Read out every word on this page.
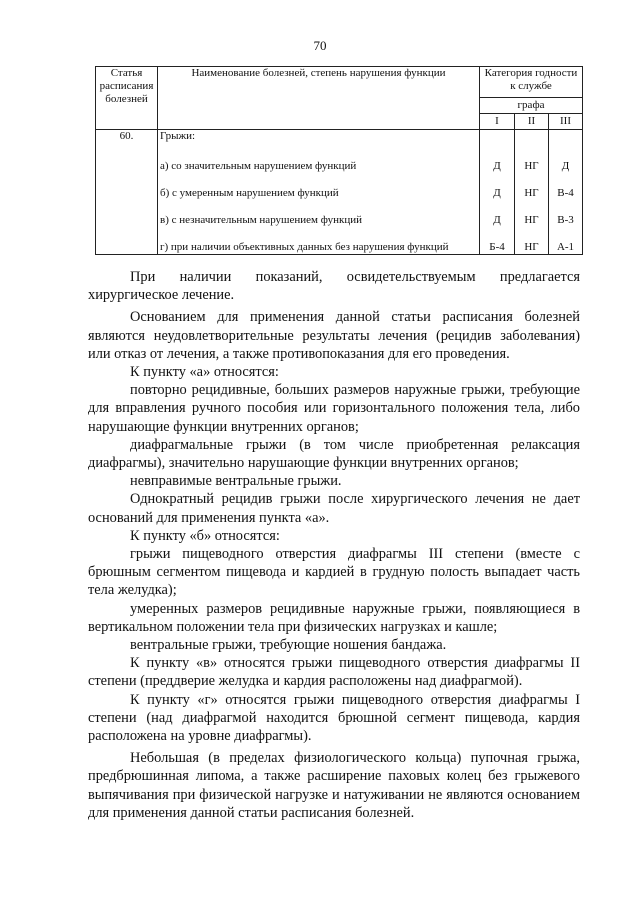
70
Статья расписания болезней	Наименование болезней, степень нарушения функции	Категория годности к службе		
		графа		
		I	II	III
60.	Грыжи:			
	а) со значительным нарушением функций	Д	НГ	Д
	б) с умеренным нарушением функций	Д	НГ	В-4
	в) с незначительным нарушением функций	Д	НГ	В-3
	г) при наличии объективных данных без нарушения функций	Б-4	НГ	А-1

При наличии показаний, освидетельствуемым предлагается хирургическое лечение.

Основанием для применения данной статьи расписания болезней являются неудовлетворительные результаты лечения (рецидив заболевания) или отказ от лечения, а также противопоказания для его проведения.

К пункту «а» относятся:

повторно рецидивные, больших размеров наружные грыжи, требующие для вправления ручного пособия или горизонтального положения тела, либо нарушающие функции внутренних органов;

диафрагмальные грыжи (в том числе приобретенная релаксация диафрагмы), значительно нарушающие функции внутренних органов;

невправимые вентральные грыжи.

Однократный рецидив грыжи после хирургического лечения не дает оснований для применения пункта «а».

К пункту «б» относятся:

грыжи пищеводного отверстия диафрагмы III степени (вместе с брюшным сегментом пищевода и кардией в грудную полость выпадает часть тела желудка);

умеренных размеров рецидивные наружные грыжи, появляющиеся в вертикальном положении тела при физических нагрузках и кашле;

вентральные грыжи, требующие ношения бандажа.

К пункту «в» относятся грыжи пищеводного отверстия диафрагмы II степени (преддверие желудка и кардия расположены над диафрагмой).

К пункту «г» относятся грыжи пищеводного отверстия диафрагмы I степени (над диафрагмой находится брюшной сегмент пищевода, кардия расположена на уровне диафрагмы).

Небольшая (в пределах физиологического кольца) пупочная грыжа, предбрюшинная липома, а также расширение паховых колец без грыжевого выпячивания при физической нагрузке и натуживании не являются основанием для применения данной статьи расписания болезней.
